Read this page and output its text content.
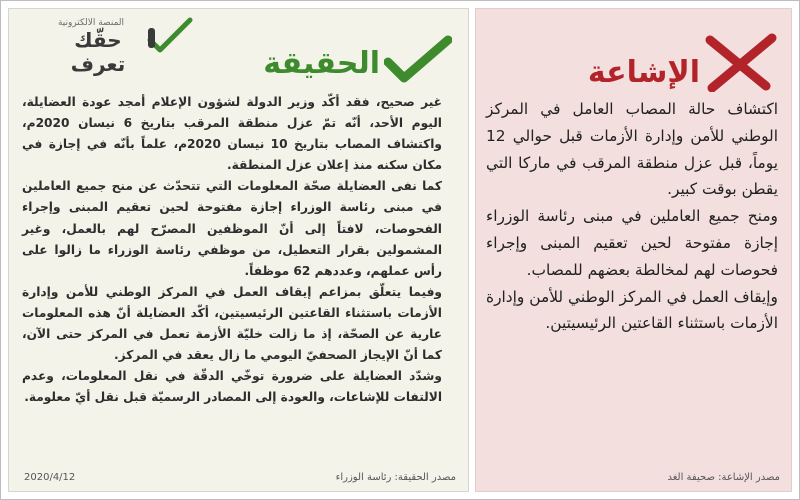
المنصة الالكترونية
حقّك تعرف	الحقيقة

غير صحيح، فقد أكّد وزير الدولة لشؤون الإعلام أمجد عودة العضايلة، اليوم الأحد، أنّه تمّ عزل منطقة المرقب بتاريخ 6 نيسان 2020م، واكتشاف المصاب بتاريخ 10 نيسان 2020م، علماً بأنّه في إجازة في مكان سكنه منذ إعلان عزل المنطقة.

كما نفى العضايلة صحّة المعلومات التي تتحدّث عن منح جميع العاملين في مبنى رئاسة الوزراء إجازة مفتوحة لحين تعقيم المبنى وإجراء الفحوصات، لافتاً إلى أنّ الموظفين المصرّح لهم بالعمل، وغير المشمولين بقرار التعطيل، من موظفي رئاسة الوزراء ما زالوا على رأس عملهم، وعددهم 62 موظفاً.

وفيما يتعلّق بمزاعم إيقاف العمل في المركز الوطني للأمن وإدارة الأزمات باستثناء القاعتين الرئيسيتين، أكّد العضايلة أنّ هذه المعلومات عارية عن الصحّة، إذ ما زالت خليّة الأزمة تعمل في المركز حتى الآن، كما أنّ الإيجاز الصحفيّ اليومي ما زال يعقد في المركز.

وشدّد العضايلة على ضرورة توخّي الدقّة في نقل المعلومات، وعدم الالتفات للإشاعات، والعودة إلى المصادر الرسميّة قبل نقل أيّ معلومة.

مصدر الحقيقة: رئاسة الوزراء
2020/4/12
الإشاعة

اكتشاف حالة المصاب العامل في المركز الوطني للأمن وإدارة الأزمات قبل حوالي 12 يوماً، قبل عزل منطقة المرقب في ماركا التي يقطن بوقت كبير.

ومنح جميع العاملين في مبنى رئاسة الوزراء إجازة مفتوحة لحين تعقيم المبنى وإجراء فحوصات لهم لمخالطة بعضهم للمصاب.

وإيقاف العمل في المركز الوطني للأمن وإدارة الأزمات باستثناء القاعتين الرئيسيتين.

مصدر الإشاعة: صحيفة الغد
